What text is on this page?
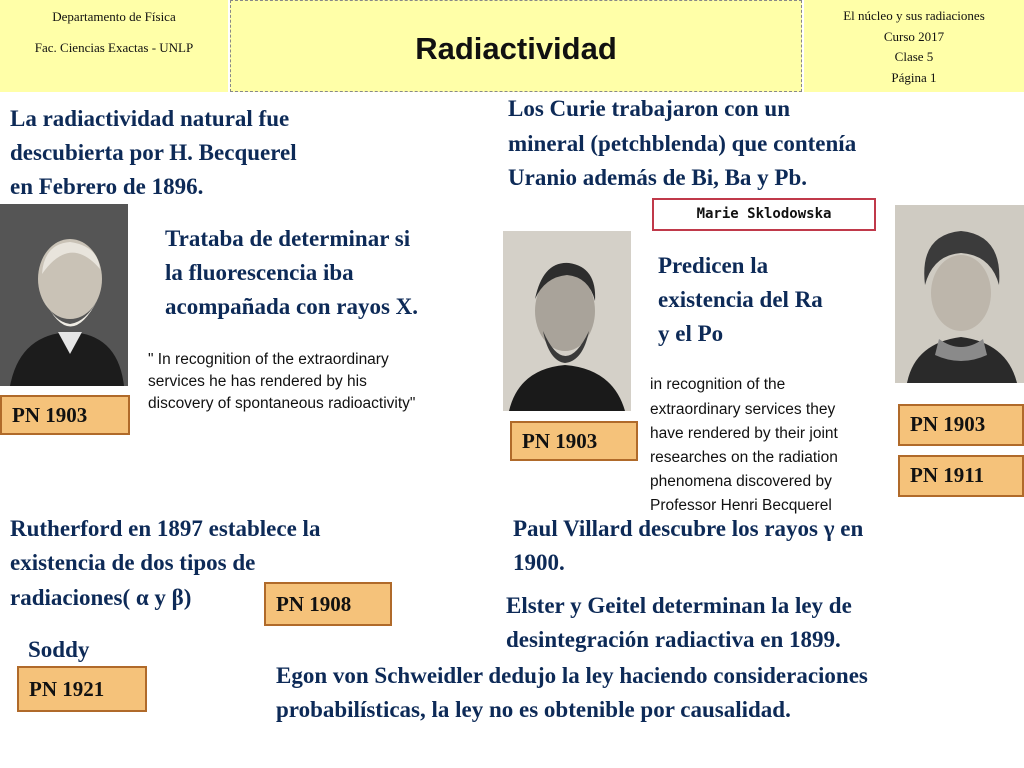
Departamento de Física
Fac. Ciencias Exactas - UNLP	Radiactividad
El núcleo y sus radiaciones
Curso 2017
Clase 5
Página 1
La radiactividad natural fue
descubierta por H. Becquerel
en Febrero de 1896.
Trataba de determinar si
la fluorescencia iba
acompañada con rayos X.
" In recognition of the extraordinary
services he has rendered by his
discovery of spontaneous radioactivity"
PN 1903
Los Curie trabajaron con un
mineral (petchblenda) que contenía
Uranio además de Bi, Ba y Pb.
PN 1903
Marie Sklodowska
Predicen la
existencia del Ra
y el Po
PN 1903
PN 1911
in recognition of the
extraordinary services they
have rendered by their joint
researches on the radiation
phenomena discovered by
Professor Henri Becquerel
Rutherford en 1897 establece la
existencia de dos tipos de
radiaciones( α y β)	PN 1908
Soddy
PN 1921
Paul Villard descubre los rayos γ en
1900.
Elster y Geitel determinan la ley de
desintegración radiactiva en 1899.
Egon von Schweidler dedujo la ley haciendo consideraciones
probabilísticas, la ley no es obtenible por causalidad.
